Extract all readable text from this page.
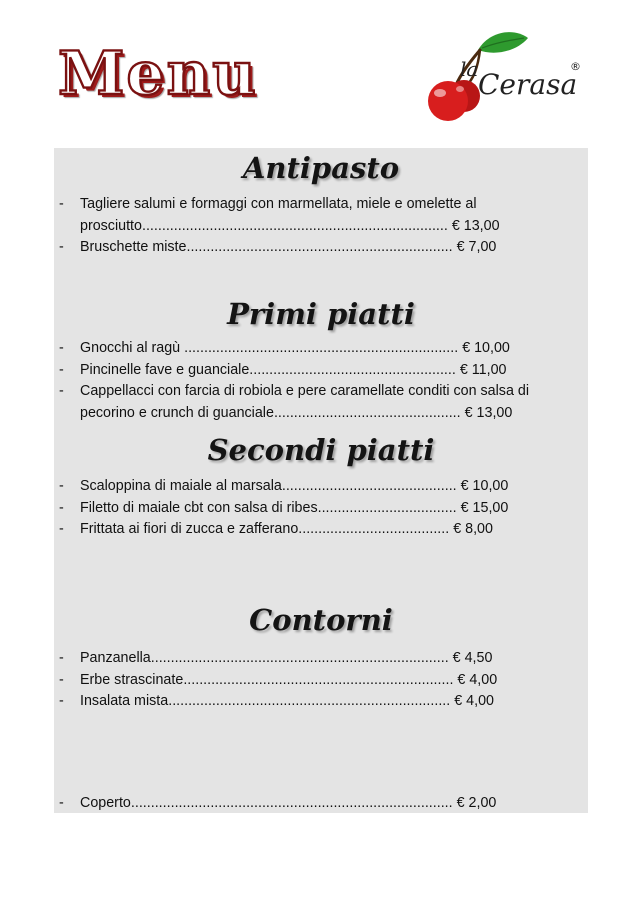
Menu	la Cerasa
®
Antipasto
- Tagliere salumi e formaggi con marmellata, miele e omelette al prosciutto............................................................................. € 13,00
- Bruschette miste................................................................... € 7,00
Primi piatti
- Gnocchi al ragù ..................................................................... € 10,00
- Pincinelle fave e guanciale.................................................... € 11,00
- Cappellacci con farcia di robiola e pere caramellate conditi con salsa di pecorino e crunch di guanciale............................................... € 13,00
Secondi piatti
- Scaloppina di maiale al marsala............................................ € 10,00
- Filetto di maiale cbt con salsa di ribes................................... € 15,00
- Frittata ai fiori di zucca e zafferano...................................... € 8,00
Contorni
- Panzanella........................................................................... € 4,50
- Erbe strascinate.................................................................... € 4,00
- Insalata mista....................................................................... € 4,00
- Coperto................................................................................. € 2,00
